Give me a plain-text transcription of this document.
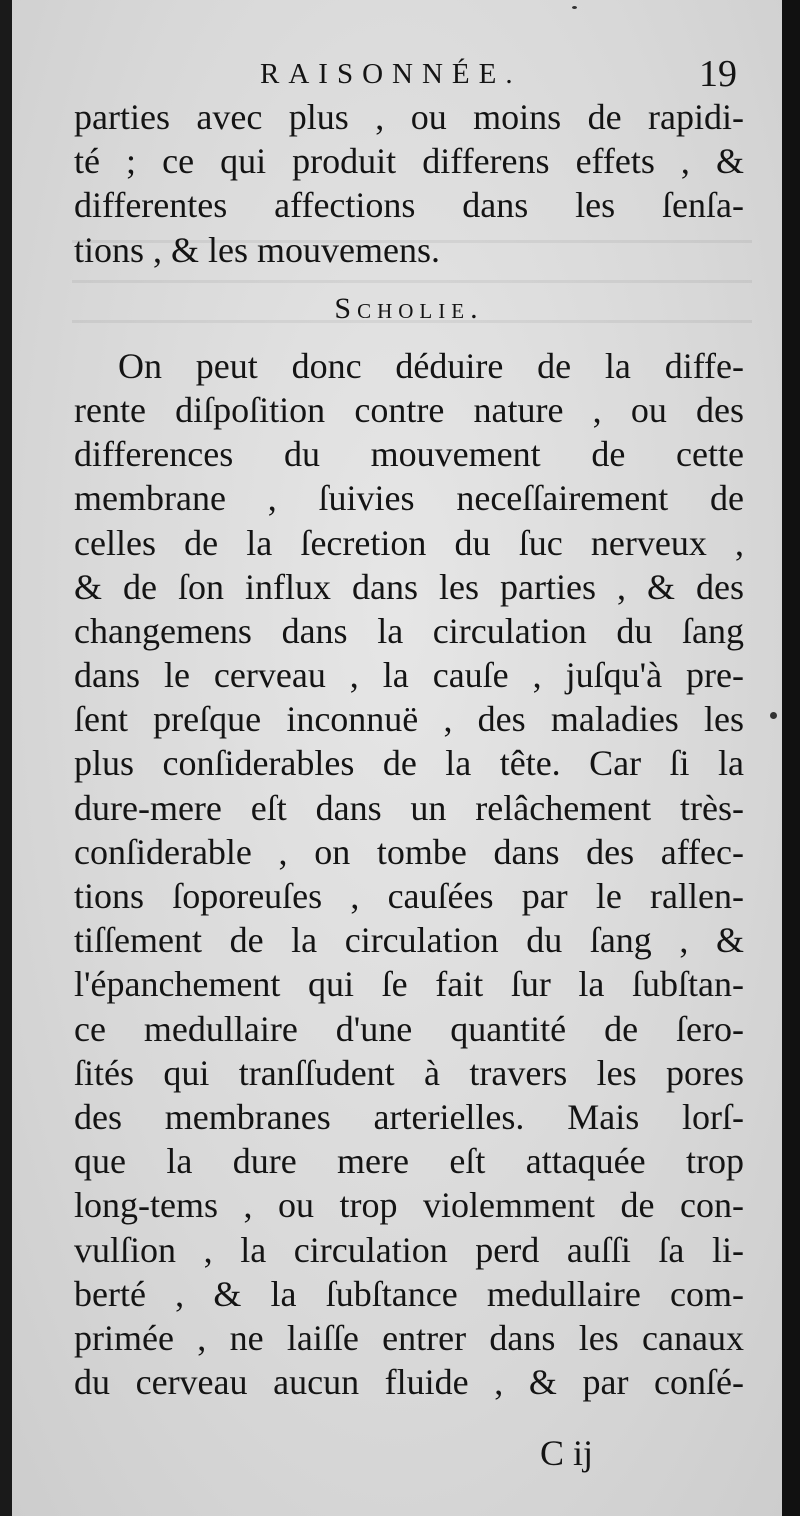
RAISONNÉE.	19
parties avec plus , ou moins de rapidi-
té ; ce qui produit differens effets , &
differentes affections dans les ſenſa-
tions , & les mouvemens.
Scholie.
On peut donc déduire de la diffe-
rente diſpoſition contre nature , ou des
differences du mouvement de cette
membrane , ſuivies neceſſairement de
celles de la ſecretion du ſuc nerveux ,
& de ſon influx dans les parties , & des
changemens dans la circulation du ſang
dans le cerveau , la cauſe , juſqu'à pre-
ſent preſque inconnuë , des maladies les
plus conſiderables de la tête. Car ſi la
dure-mere eſt dans un relâchement très-
conſiderable , on tombe dans des affec-
tions ſoporeuſes , cauſées par le rallen-
tiſſement de la circulation du ſang , &
l'épanchement qui ſe fait ſur la ſubſtan-
ce medullaire d'une quantité de ſero-
ſités qui tranſſudent à travers les pores
des membranes arterielles. Mais lorſ-
que la dure mere eſt attaquée trop
long-tems , ou trop violemment de con-
vulſion , la circulation perd auſſi ſa li-
berté , & la ſubſtance medullaire com-
primée , ne laiſſe entrer dans les canaux
du cerveau aucun fluide , & par conſé-
C ij
